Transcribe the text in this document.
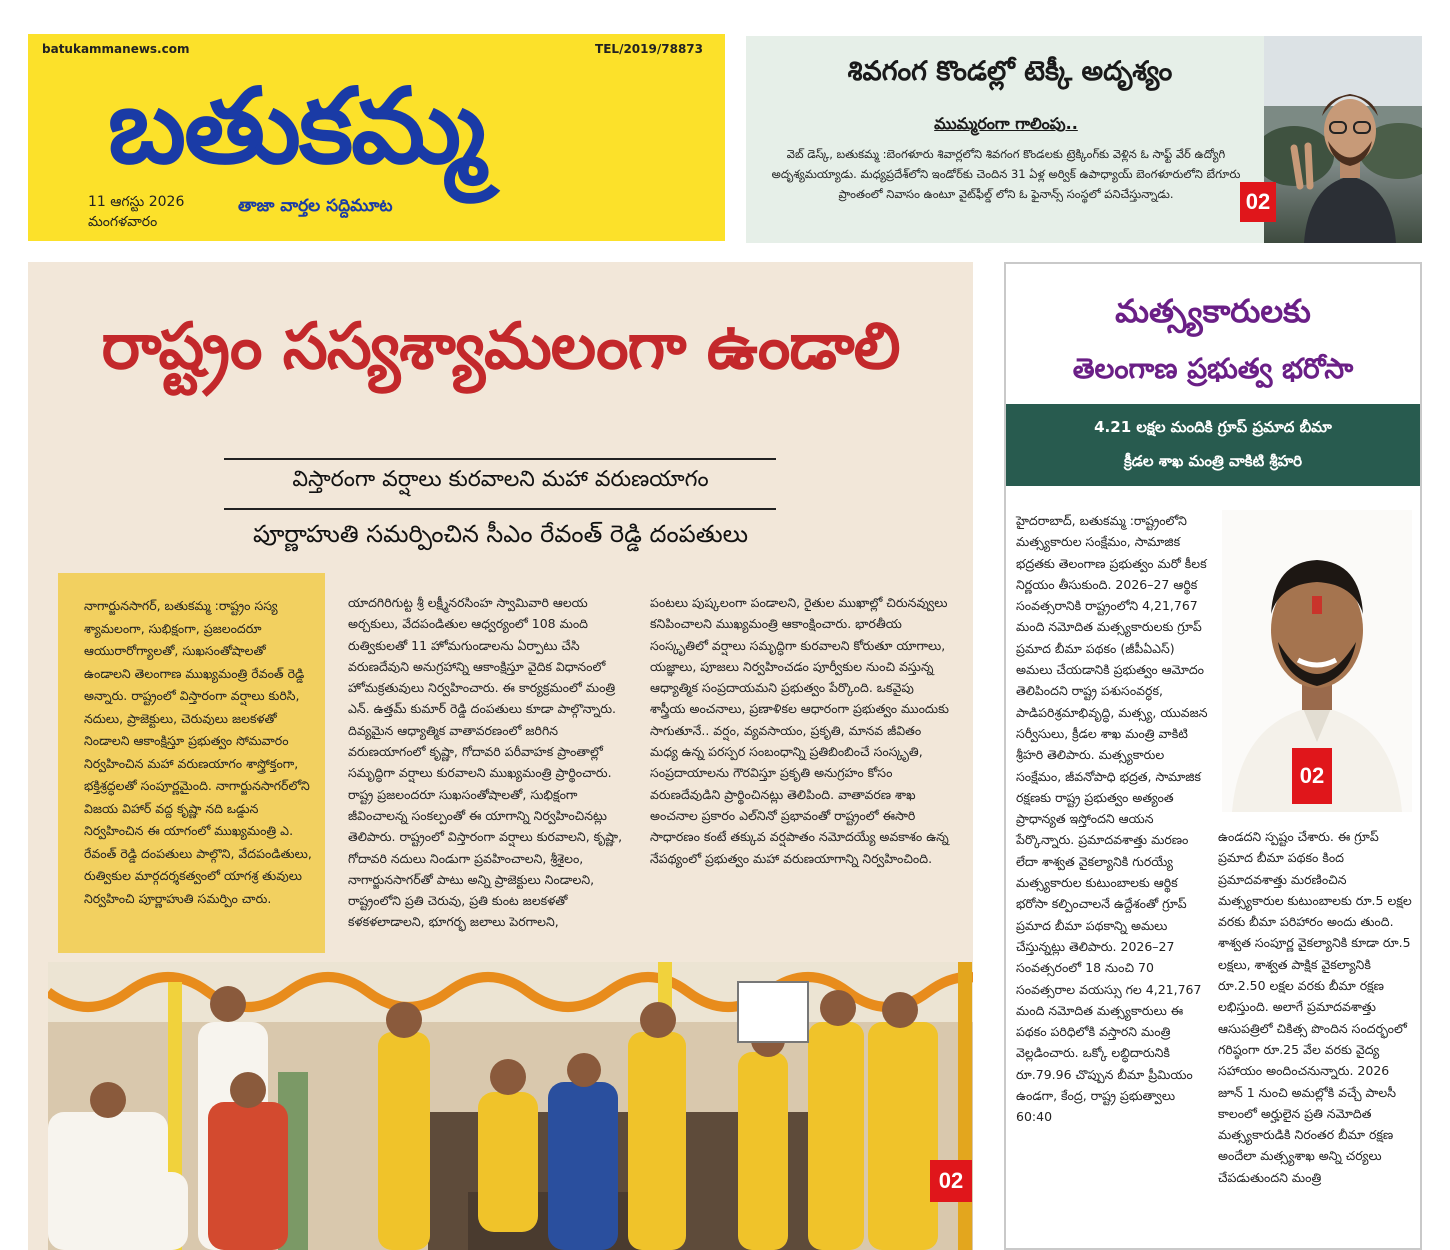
batukammanews.com	TEL/2019/78873
బతుకమ్మ
11 ఆగస్టు 2026
మంగళవారం
తాజా వార్తల సద్దిమూట
శివగంగ కొండల్లో టెక్కీ అదృశ్యం
ముమ్మరంగా గాలింపు..
వెబ్ డెస్క్, బతుకమ్మ :బెంగళూరు శివార్లలోని శివగంగ కొండలకు ట్రెక్కింగ్‌కు వెళ్లిన ఓ సాఫ్ట్ వేర్ ఉద్యోగి అదృశ్యమయ్యాడు. మధ్యప్రదేశ్‌లోని ఇండోర్‌కు చెందిన 31 ఏళ్ల అర్విక్ ఉపాధ్యాయ్ బెంగళూరులోని బేగూరు ప్రాంతంలో నివాసం ఉంటూ వైట్‌ఫీల్డ్ లోని ఓ ఫైనాన్స్ సంస్థలో పనిచేస్తున్నాడు.	02
రాష్ట్రం సస్యశ్యామలంగా ఉండాలి
విస్తారంగా వర్షాలు కురవాలని మహా వరుణయాగం
పూర్ణాహుతి సమర్పించిన సీఎం రేవంత్ రెడ్డి దంపతులు
నాగార్జునసాగర్, బతుకమ్మ :రాష్ట్రం సస్య శ్యామలంగా, సుభిక్షంగా, ప్రజలందరూ ఆయురారోగ్యాలతో, సుఖసంతోషాలతో ఉండాలని తెలంగాణ ముఖ్యమంత్రి రేవంత్ రెడ్డి అన్నారు. రాష్ట్రంలో విస్తారంగా వర్షాలు కురిసి, నదులు, ప్రాజెక్టులు, చెరువులు జలకళతో నిండాలని ఆకాంక్షిస్తూ ప్రభుత్వం సోమవారం నిర్వహించిన మహా వరుణయాగం శాస్త్రోక్తంగా, భక్తిశ్రద్ధలతో సంపూర్ణమైంది. నాగార్జునసాగర్‌లోని విజయ విహార్ వద్ద కృష్ణా నది ఒడ్డున నిర్వహించిన ఈ యాగంలో ముఖ్యమంత్రి ఎ. రేవంత్ రెడ్డి దంపతులు పాల్గొని, వేదపండితులు, రుత్వికుల మార్గదర్శకత్వంలో యాగశ్ర తువులు నిర్వహించి పూర్ణాహుతి సమర్పిం చారు.
యాదగిరిగుట్ట శ్రీ లక్ష్మీనరసింహ స్వామివారి ఆలయ అర్చకులు, వేదపండితుల ఆధ్వర్యంలో 108 మంది రుత్వికులతో 11 హోమగుండాలను ఏర్పాటు చేసి వరుణదేవుని అనుగ్రహాన్ని ఆకాంక్షిస్తూ వైదిక విధానంలో హోమక్రతువులు నిర్వహించారు. ఈ కార్యక్రమంలో మంత్రి ఎన్. ఉత్తమ్ కుమార్ రెడ్డి దంపతులు కూడా పాల్గొన్నారు. దివ్యమైన ఆధ్యాత్మిక వాతావరణంలో జరిగిన వరుణయాగంలో కృష్ణా, గోదావరి పరీవాహక ప్రాంతాల్లో సమృద్ధిగా వర్షాలు కురవాలని ముఖ్యమంత్రి ప్రార్థించారు. రాష్ట్ర ప్రజలందరూ సుఖసంతోషాలతో, సుభిక్షంగా జీవించాలన్న సంకల్పంతో ఈ యాగాన్ని నిర్వహించినట్లు తెలిపారు. రాష్ట్రంలో విస్తారంగా వర్షాలు కురవాలని, కృష్ణా, గోదావరి నదులు నిండుగా ప్రవహించాలని, శ్రీశైలం, నాగార్జునసాగర్‌తో పాటు అన్ని ప్రాజెక్టులు నిండాలని, రాష్ట్రంలోని ప్రతి చెరువు, ప్రతి కుంట జలకళతో కళకళలాడాలని, భూగర్భ జలాలు పెరగాలని,
పంటలు పుష్కలంగా పండాలని, రైతుల ముఖాల్లో చిరునవ్వులు కనిపించాలని ముఖ్యమంత్రి ఆకాంక్షించారు. భారతీయ సంస్కృతిలో వర్షాలు సమృద్ధిగా కురవాలని కోరుతూ యాగాలు, యజ్ఞాలు, పూజలు నిర్వహించడం పూర్వీకుల నుంచి వస్తున్న ఆధ్యాత్మిక సంప్రదాయమని ప్రభుత్వం పేర్కొంది. ఒకవైపు శాస్త్రీయ అంచనాలు, ప్రణాళికల ఆధారంగా ప్రభుత్వం ముందుకు సాగుతూనే.. వర్షం, వ్యవసాయం, ప్రకృతి, మానవ జీవితం మధ్య ఉన్న పరస్పర సంబంధాన్ని ప్రతిబింబించే సంస్కృతి, సంప్రదాయాలను గౌరవిస్తూ ప్రకృతి అనుగ్రహం కోసం వరుణదేవుడిని ప్రార్థించినట్లు తెలిపింది. వాతావరణ శాఖ అంచనాల ప్రకారం ఎల్‌నినో ప్రభావంతో రాష్ట్రంలో ఈసారి సాధారణం కంటే తక్కువ వర్షపాతం నమోదయ్యే అవకాశం ఉన్న నేపథ్యంలో ప్రభుత్వం మహా వరుణయాగాన్ని నిర్వహించింది.
02
మత్స్యకారులకు
తెలంగాణ ప్రభుత్వ భరోసా
4.21 లక్షల మందికి గ్రూప్ ప్రమాద బీమా
క్రీడల శాఖ మంత్రి వాకిటి శ్రీహరి
హైదరాబాద్, బతుకమ్మ :రాష్ట్రంలోని మత్స్యకారుల సంక్షేమం, సామాజిక భద్రతకు తెలంగాణ ప్రభుత్వం మరో కీలక నిర్ణయం తీసుకుంది. 2026–27 ఆర్థిక సంవత్సరానికి రాష్ట్రంలోని 4,21,767 మంది నమోదిత మత్స్యకారులకు గ్రూప్ ప్రమాద బీమా పథకం (జీపీఏఎస్) అమలు చేయడానికి ప్రభుత్వం ఆమోదం తెలిపిందని రాష్ట్ర పశుసంవర్ధక, పాడిపరిశ్రమాభివృద్ధి, మత్స్య, యువజన సర్వీసులు, క్రీడల శాఖ మంత్రి వాకిటి శ్రీహరి తెలిపారు. మత్స్యకారుల సంక్షేమం, జీవనోపాధి భద్రత, సామాజిక రక్షణకు రాష్ట్ర ప్రభుత్వం అత్యంత ప్రాధాన్యత ఇస్తోందని ఆయన పేర్కొన్నారు. ప్రమాదవశాత్తు మరణం లేదా శాశ్వత వైకల్యానికి గురయ్యే మత్స్యకారుల కుటుంబాలకు ఆర్థిక భరోసా కల్పించాలనే ఉద్దేశంతో గ్రూప్ ప్రమాద బీమా పథకాన్ని అమలు చేస్తున్నట్లు తెలిపారు. 2026–27 సంవత్సరంలో 18 నుంచి 70 సంవత్సరాల వయస్సు గల 4,21,767 మంది నమోదిత మత్స్యకారులు ఈ పథకం పరిధిలోకి వస్తారని మంత్రి వెల్లడించారు. ఒక్కో లబ్ధిదారునికి రూ.79.96 చొప్పున బీమా ప్రీమియం ఉండగా, కేంద్ర, రాష్ట్ర ప్రభుత్వాలు 60:40
02
ఉండదని స్పష్టం చేశారు. ఈ గ్రూప్ ప్రమాద బీమా పథకం కింద ప్రమాదవశాత్తు మరణించిన మత్స్యకారుల కుటుంబాలకు రూ.5 లక్షల వరకు బీమా పరిహారం అందు తుంది. శాశ్వత సంపూర్ణ వైకల్యానికి కూడా రూ.5 లక్షలు, శాశ్వత పాక్షిక వైకల్యానికి రూ.2.50 లక్షల వరకు బీమా రక్షణ లభిస్తుంది. అలాగే ప్రమాదవశాత్తు ఆసుపత్రిలో చికిత్స పొందిన సందర్భంలో గరిష్ఠంగా రూ.25 వేల వరకు వైద్య సహాయం అందించనున్నారు. 2026 జూన్ 1 నుంచి అమల్లోకి వచ్చే పాలసీ కాలంలో అర్హులైన ప్రతి నమోదిత మత్స్యకారుడికి నిరంతర బీమా రక్షణ అందేలా మత్స్యశాఖ అన్ని చర్యలు చేపడుతుందని మంత్రి
